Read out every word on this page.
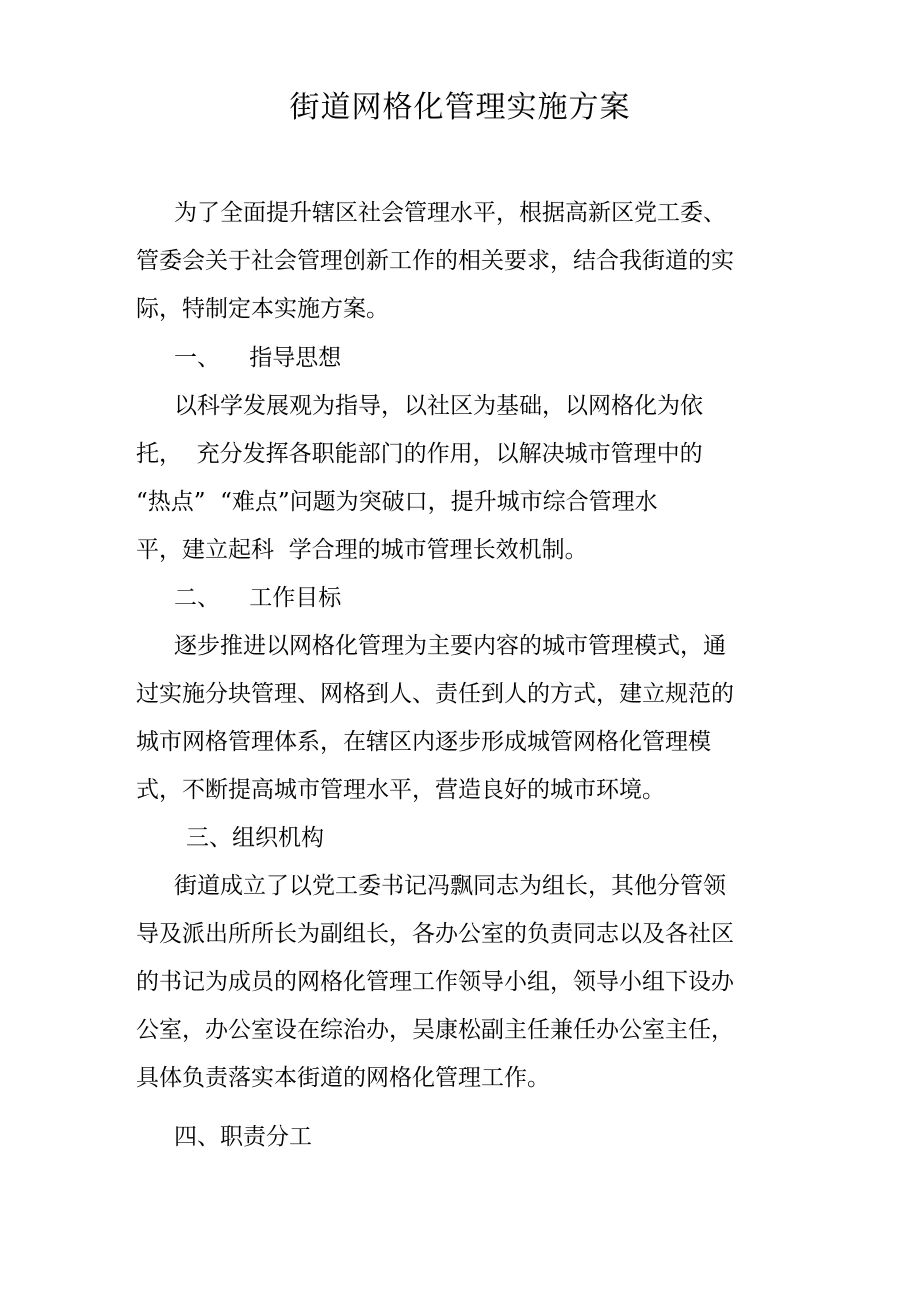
街道网格化管理实施方案
为了全面提升辖区社会管理水平，根据高新区党工委、
管委会关于社会管理创新工作的相关要求，结合我街道的实
际，特制定本实施方案。
一、    指导思想
以科学发展观为指导，以社区为基础，以网格化为依
托，  充分发挥各职能部门的作用，以解决城市管理中的
“热点”  “难点”问题为突破口，提升城市综合管理水
平，建立起科  学合理的城市管理长效机制。
二、    工作目标
逐步推进以网格化管理为主要内容的城市管理模式，通
过实施分块管理、网格到人、责任到人的方式，建立规范的
城市网格管理体系，在辖区内逐步形成城管网格化管理模
式，不断提高城市管理水平，营造良好的城市环境。
三、组织机构
街道成立了以党工委书记冯飘同志为组长，其他分管领
导及派出所所长为副组长，各办公室的负责同志以及各社区
的书记为成员的网格化管理工作领导小组，领导小组下设办
公室，办公室设在综治办，吴康松副主任兼任办公室主任，
具体负责落实本街道的网格化管理工作。
四、职责分工
